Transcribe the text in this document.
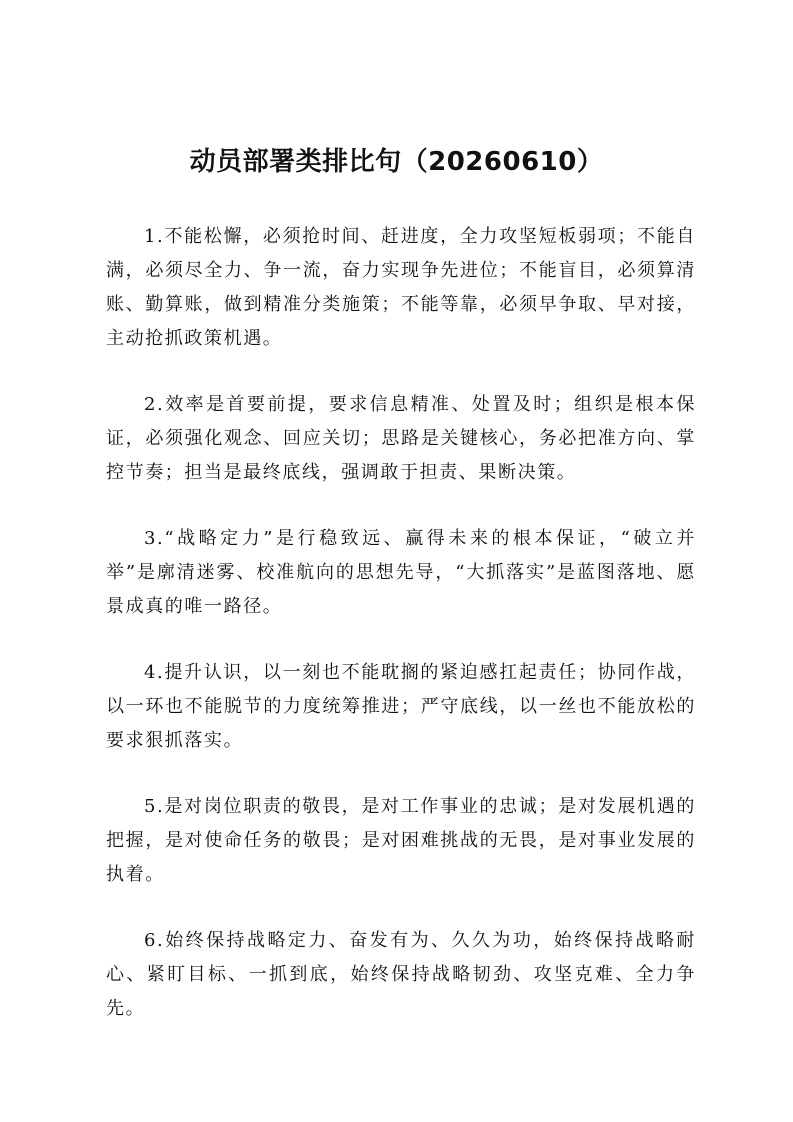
动员部署类排比句（20260610）

1.不能松懈，必须抢时间、赶进度，全力攻坚短板弱项；不能自满，必须尽全力、争一流，奋力实现争先进位；不能盲目，必须算清账、勤算账，做到精准分类施策；不能等靠，必须早争取、早对接，主动抢抓政策机遇。

2.效率是首要前提，要求信息精准、处置及时；组织是根本保证，必须强化观念、回应关切；思路是关键核心，务必把准方向、掌控节奏；担当是最终底线，强调敢于担责、果断决策。

3.“战略定力”是行稳致远、赢得未来的根本保证，“破立并举”是廓清迷雾、校准航向的思想先导，“大抓落实”是蓝图落地、愿景成真的唯一路径。

4.提升认识，以一刻也不能耽搁的紧迫感扛起责任；协同作战，以一环也不能脱节的力度统筹推进；严守底线，以一丝也不能放松的要求狠抓落实。

5.是对岗位职责的敬畏，是对工作事业的忠诚；是对发展机遇的把握，是对使命任务的敬畏；是对困难挑战的无畏，是对事业发展的执着。

6.始终保持战略定力、奋发有为、久久为功，始终保持战略耐心、紧盯目标、一抓到底，始终保持战略韧劲、攻坚克难、全力争先。
